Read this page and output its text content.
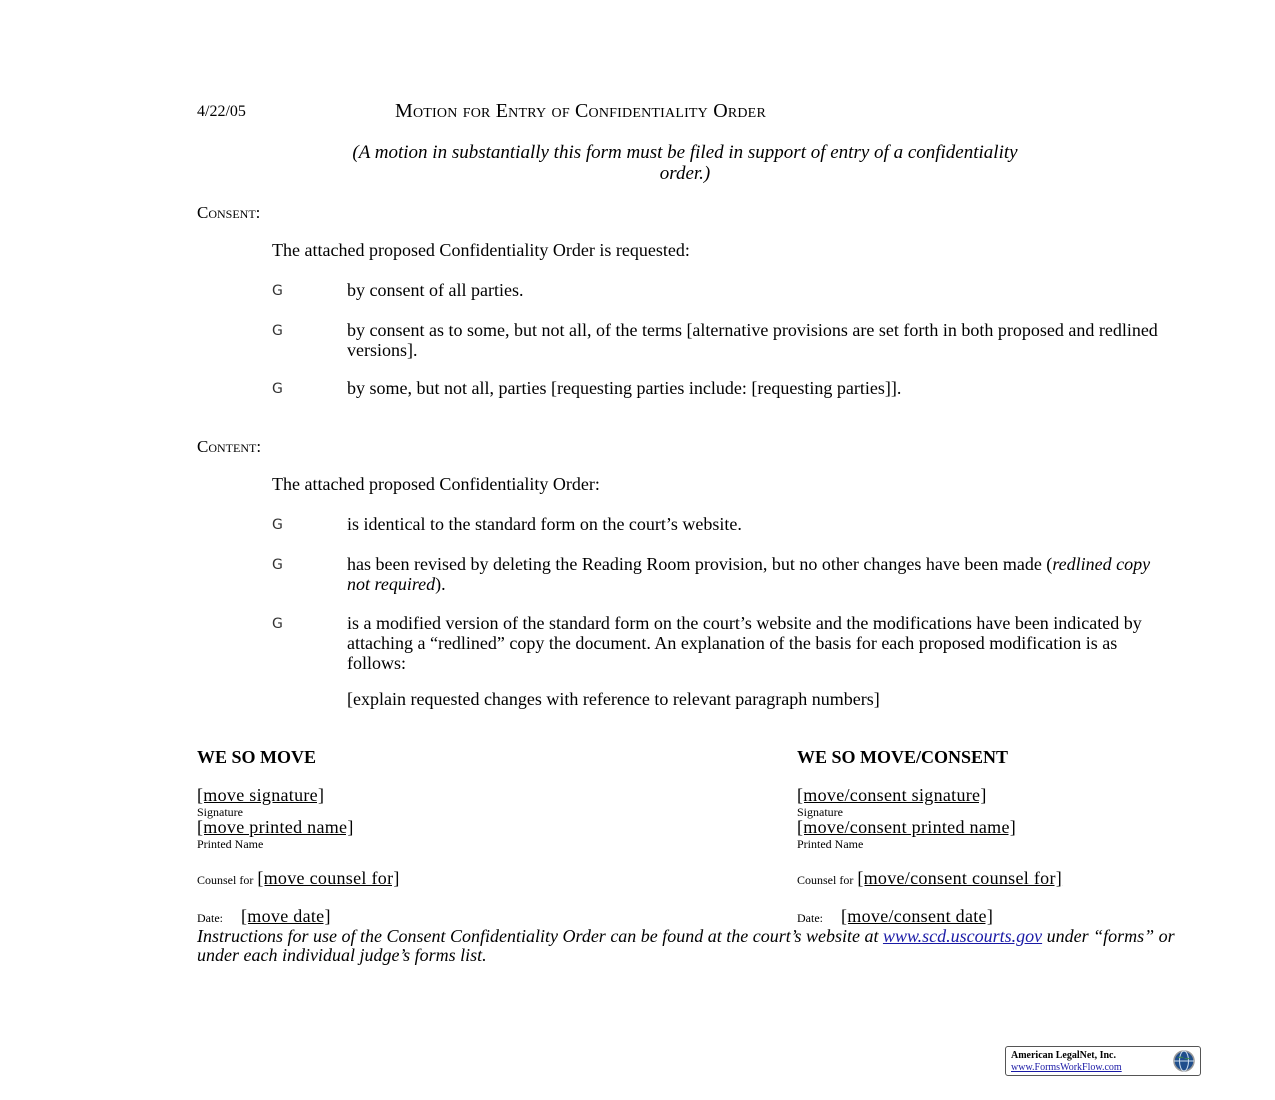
4/22/05	Motion for Entry of Confidentiality Order
(A motion in substantially this form must be filed in support of entry of a confidentiality order.)
Consent:
The attached proposed Confidentiality Order is requested:
G	by consent of all parties.
G	by consent as to some, but not all, of the terms [alternative provisions are set forth in both proposed and redlined versions].
G	by some, but not all, parties [requesting parties include: [requesting parties]].
Content:
The attached proposed Confidentiality Order:
G	is identical to the standard form on the court’s website.
G	has been revised by deleting the Reading Room provision, but no other changes have been made (redlined copy not required).
G	is a modified version of the standard form on the court’s website and the modifications have been indicated by attaching a “redlined” copy the document. An explanation of the basis for each proposed modification is as follows:
[explain requested changes with reference to relevant paragraph numbers]
WE SO MOVE
[move signature]
Signature
[move printed name]
Printed Name
Counsel for [move counsel for]
Date: [move date]
WE SO MOVE/CONSENT
[move/consent signature]
Signature
[move/consent printed name]
Printed Name
Counsel for [move/consent counsel for]
Date: [move/consent date]
Instructions for use of the Consent Confidentiality Order can be found at the court’s website at www.scd.uscourts.gov under “forms” or under each individual judge’s forms list.
American LegalNet, Inc.
www.FormsWorkFlow.com
